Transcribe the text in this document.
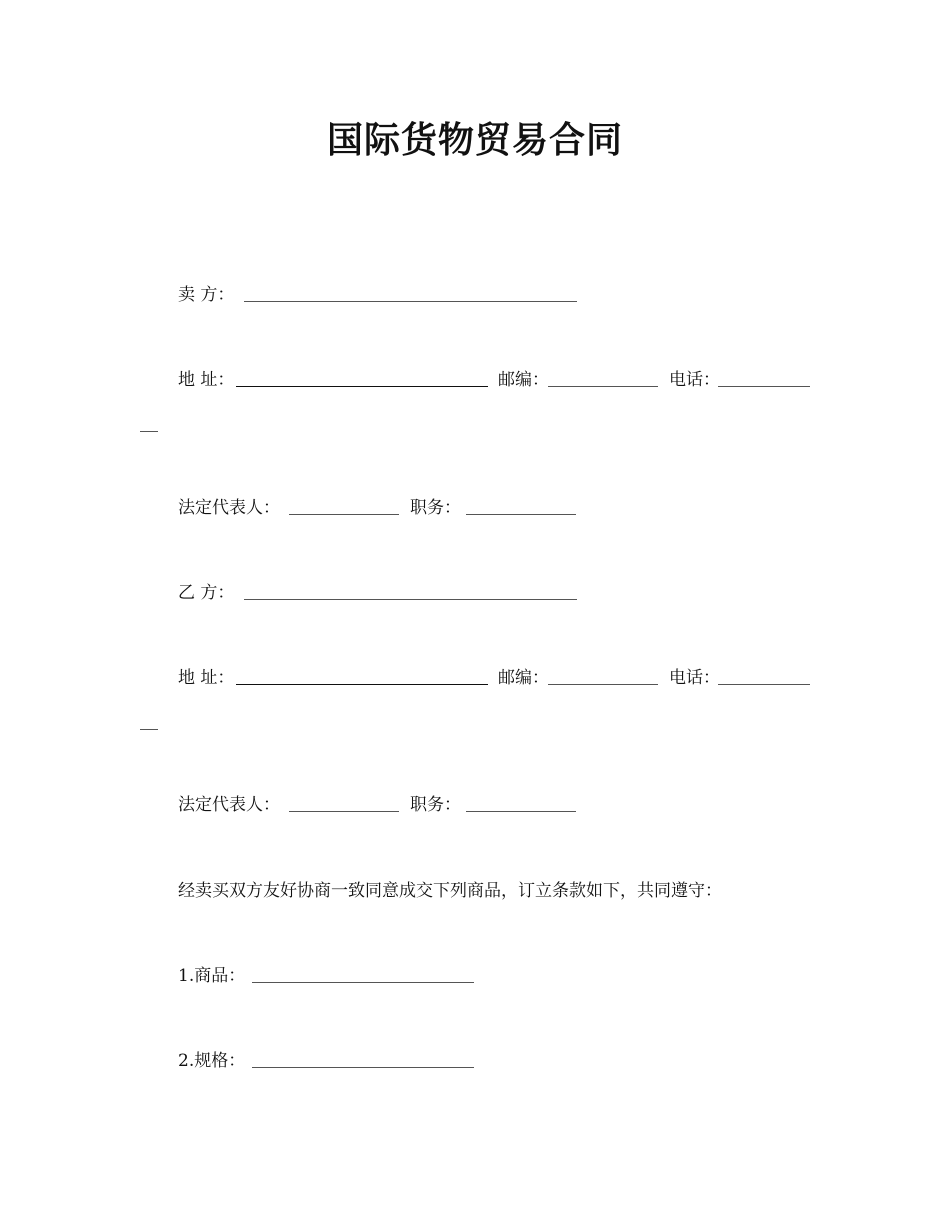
国际货物贸易合同
卖 方：
地 址：	邮编：	电话：
法定代表人：	职务：
乙 方：
地 址：	邮编：	电话：
法定代表人：	职务：
经卖买双方友好协商一致同意成交下列商品，订立条款如下，共同遵守：
1.商品：
2.规格：
